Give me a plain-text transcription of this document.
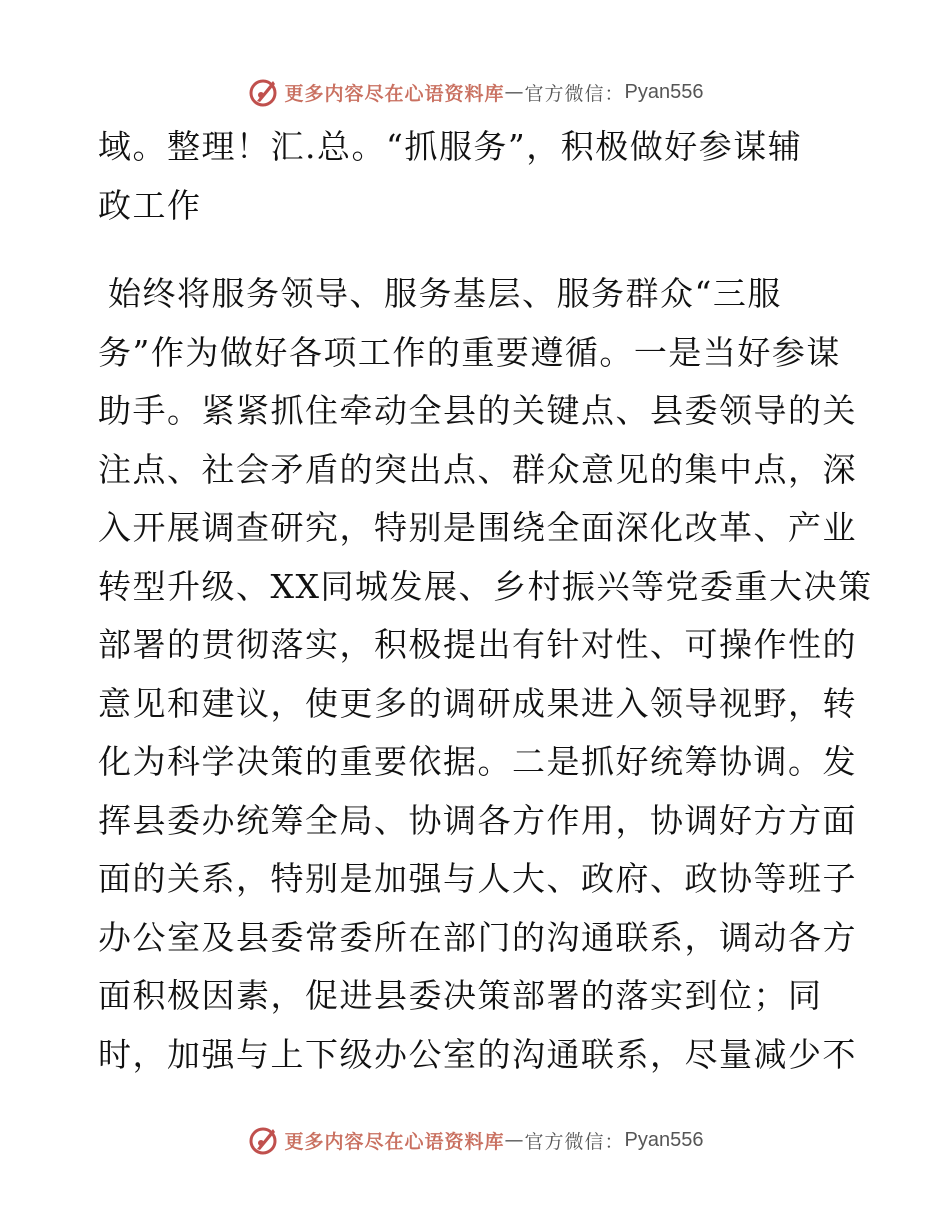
更多内容尽在心语资料库 — 官方微信： Pyan556
域。整理！汇.总。“抓服务”，积极做好参谋辅
政工作
始终将服务领导、服务基层、服务群众“三服
务”作为做好各项工作的重要遵循。一是当好参谋
助手。紧紧抓住牵动全县的关键点、县委领导的关
注点、社会矛盾的突出点、群众意见的集中点，深
入开展调查研究，特别是围绕全面深化改革、产业
转型升级、XX同城发展、乡村振兴等党委重大决策
部署的贯彻落实，积极提出有针对性、可操作性的
意见和建议，使更多的调研成果进入领导视野，转
化为科学决策的重要依据。二是抓好统筹协调。发
挥县委办统筹全局、协调各方作用，协调好方方面
面的关系，特别是加强与人大、政府、政协等班子
办公室及县委常委所在部门的沟通联系，调动各方
面积极因素，促进县委决策部署的落实到位；同
时，加强与上下级办公室的沟通联系，尽量减少不
更多内容尽在心语资料库 — 官方微信： Pyan556
